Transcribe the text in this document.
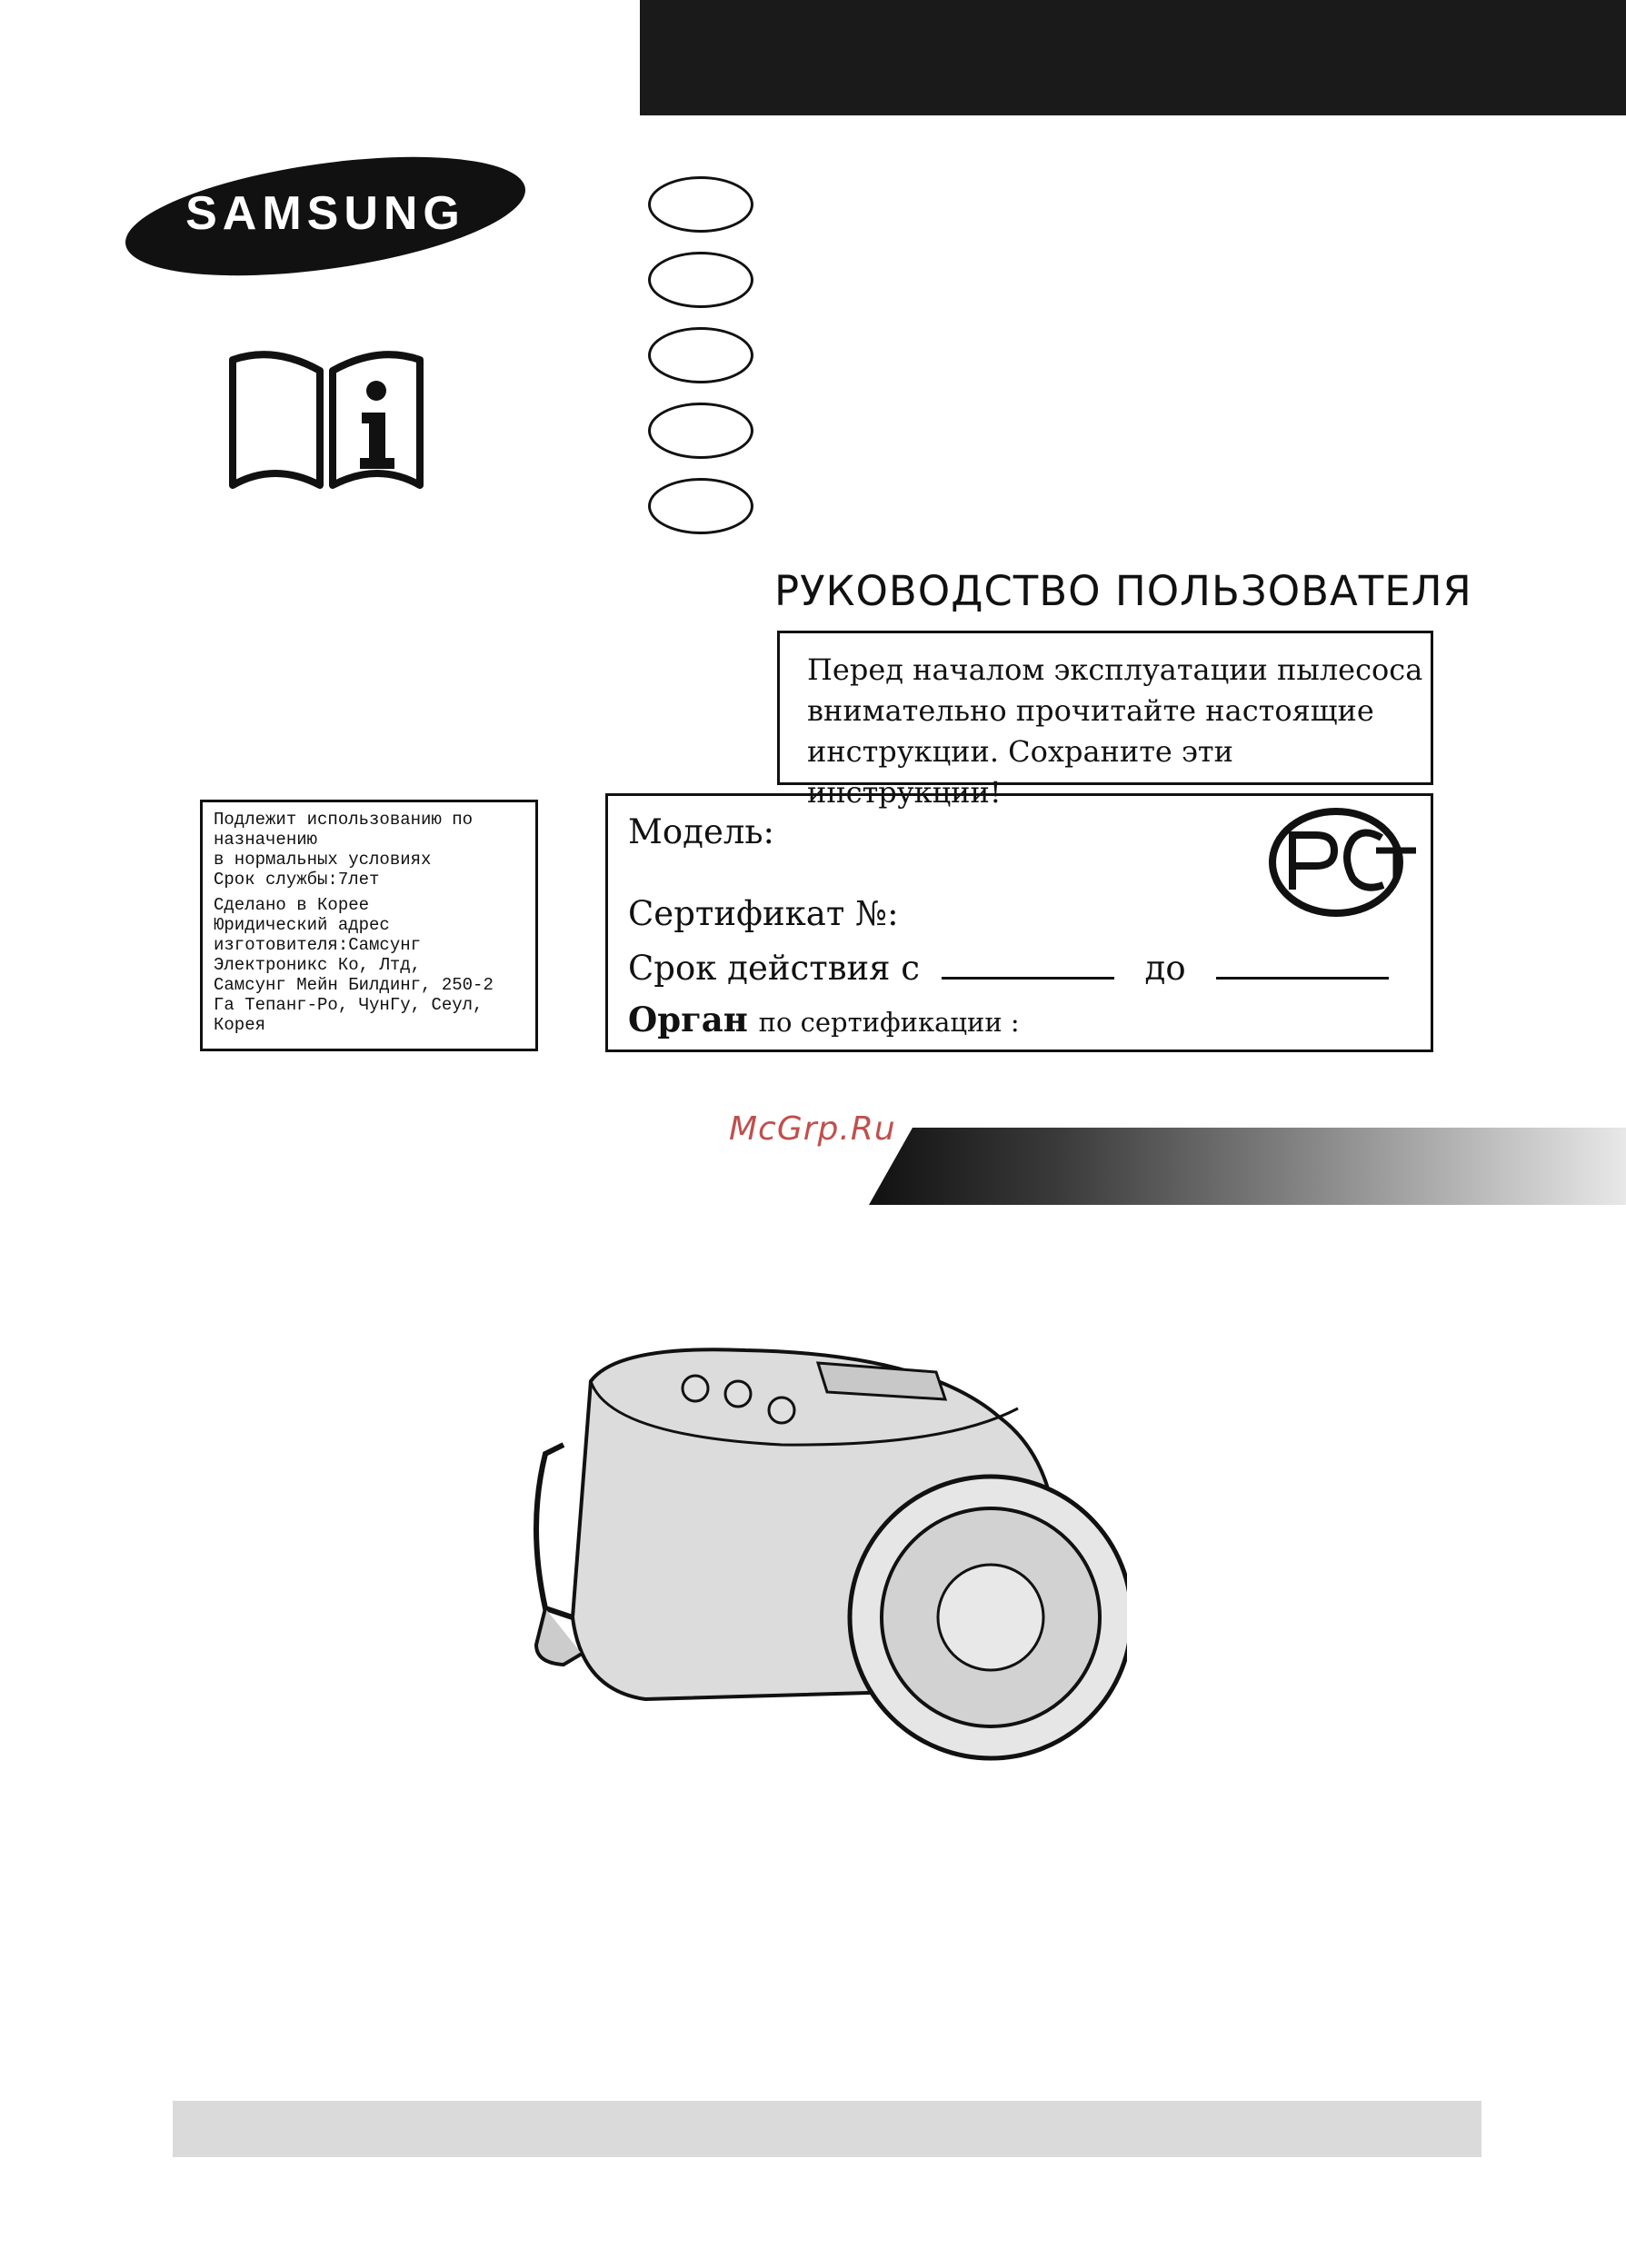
SAMSUNG
РУКОВОДСТВО ПОЛЬЗОВАТЕЛЯ
Перед началом эксплуатации пылесоса
внимательно прочитайте настоящие
инструкции. Сохраните эти инструкции!
Подлежит использованию по
назначению
в нормальных условиях
Срок службы:7лет
Сделано в Корее
Юридический адрес
изготовителя:Самсунг
Электроникс Ко, Лтд,
Самсунг Мейн Билдинг, 250-2
Га Тепанг-Ро, ЧунГу, Сеул,
Корея
Модель:
Сертификат №:
Срок действия с	до
Орган по сертификации :
McGrp.Ru
